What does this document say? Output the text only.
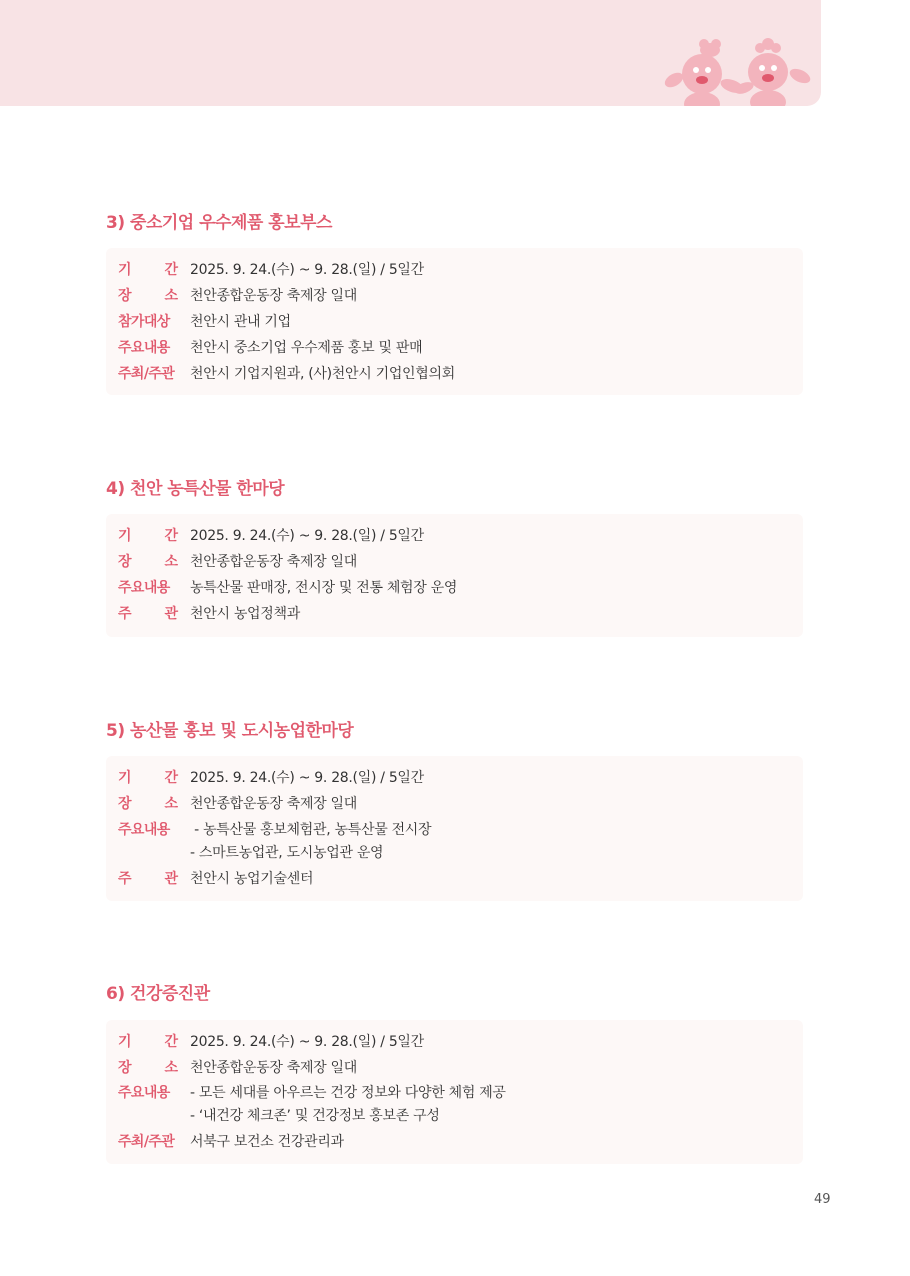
3) 중소기업 우수제품 홍보부스
기 간 2025. 9. 24.(수) ~ 9. 28.(일) / 5일간
장 소 천안종합운동장 축제장 일대
참가대상	천안시 관내 기업
주요내용	천안시 중소기업 우수제품 홍보 및 판매
주최/주관 천안시 기업지원과, (사)천안시 기업인협의회
4) 천안 농특산물 한마당
기 간 2025. 9. 24.(수) ~ 9. 28.(일) / 5일간
장 소 천안종합운동장 축제장 일대
주요내용	농특산물 판매장, 전시장 및 전통 체험장 운영
주 관 천안시 농업정책과
5) 농산물 홍보 및 도시농업한마당
기 간 2025. 9. 24.(수) ~ 9. 28.(일) / 5일간
장 소 천안종합운동장 축제장 일대
주요내용	- 농특산물 홍보체험관, 농특산물 전시장
- 스마트농업관, 도시농업관 운영
주 관 천안시 농업기술센터
6) 건강증진관
기 간 2025. 9. 24.(수) ~ 9. 28.(일) / 5일간
장 소 천안종합운동장 축제장 일대
주요내용	- 모든 세대를 아우르는 건강 정보와 다양한 체험 제공
- ‘내건강 체크존’ 및 건강정보 홍보존 구성
주최/주관 서북구 보건소 건강관리과
49
